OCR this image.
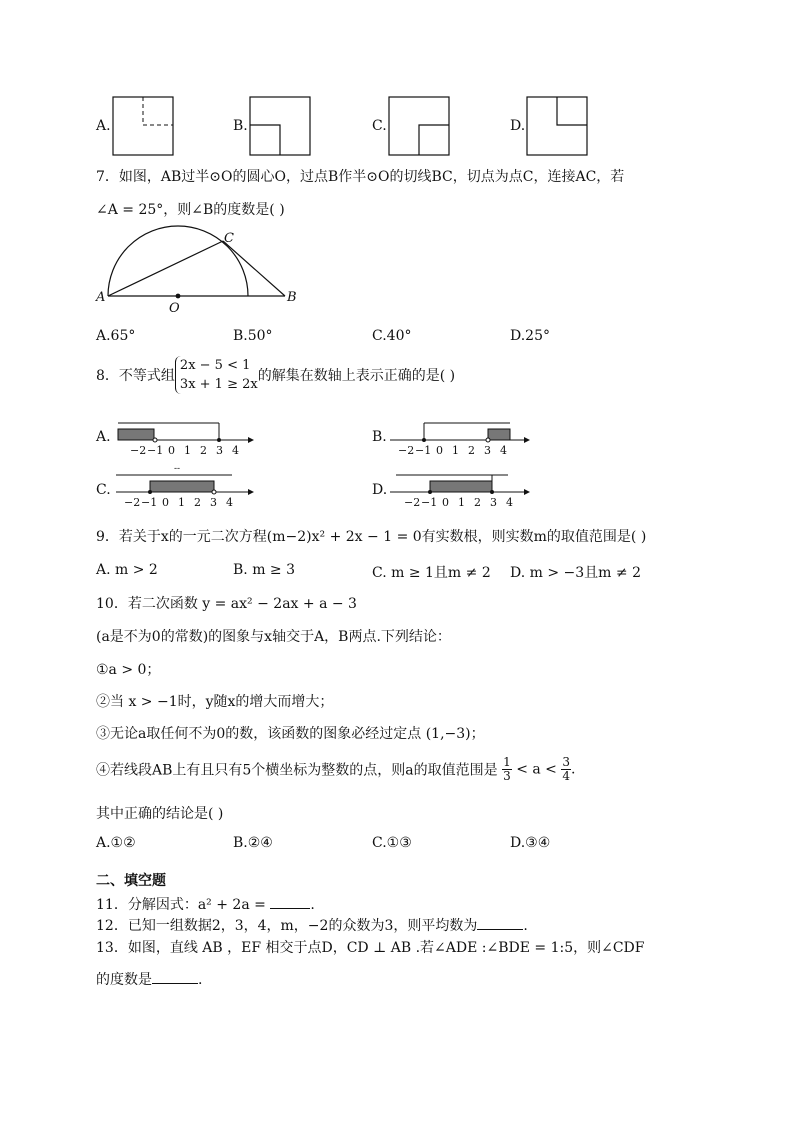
A.	B.	C.	D.
7．如图，AB过半⊙O的圆心O，过点B作半⊙O的切线BC，切点为点C，连接AC，若
∠A = 25°，则∠B的度数是( )
A
C
B
O
A.65°	B.50°	C.40°	D.25°
8．不等式组
2x − 5 < 1
3x + 1 ≥ 2x
的解集在数轴上表示正确的是( )
A.
−2 −1 0 1 2 3 4
B.
−2 −1 0 1 2 3 4
C.
--
−2 −1 0 1 2 3 4
D.
−2 −1 0 1 2 3 4
9．若关于x的一元二次方程(m−2)x² + 2x − 1 = 0有实数根，则实数m的取值范围是( )
A. m > 2	B. m ≥ 3	C. m ≥ 1且m ≠ 2 D. m > −3且m ≠ 2
10．若二次函数 y = ax² − 2ax + a − 3
(a是不为0的常数)的图象与x轴交于A，B两点.下列结论：
①a > 0；
②当 x > −1时，y随x的增大而增大；
③无论a取任何不为0的数，该函数的图象必经过定点 (1,−3)；
④若线段AB上有且只有5个横坐标为整数的点，则a的取值范围是 $\frac{1}{3} < a < \frac{3}{4}$ .
其中正确的结论是( )
A.①②	B.②④	C.①③	D.③④
二、填空题
11．分解因式：a² + 2a =	.
12．已知一组数据2，3，4，m，−2的众数为3，则平均数为	.
13．如图，直线 AB ，EF 相交于点D，CD ⊥ AB .若∠ADE :∠BDE = 1:5，则∠CDF
的度数是	.
